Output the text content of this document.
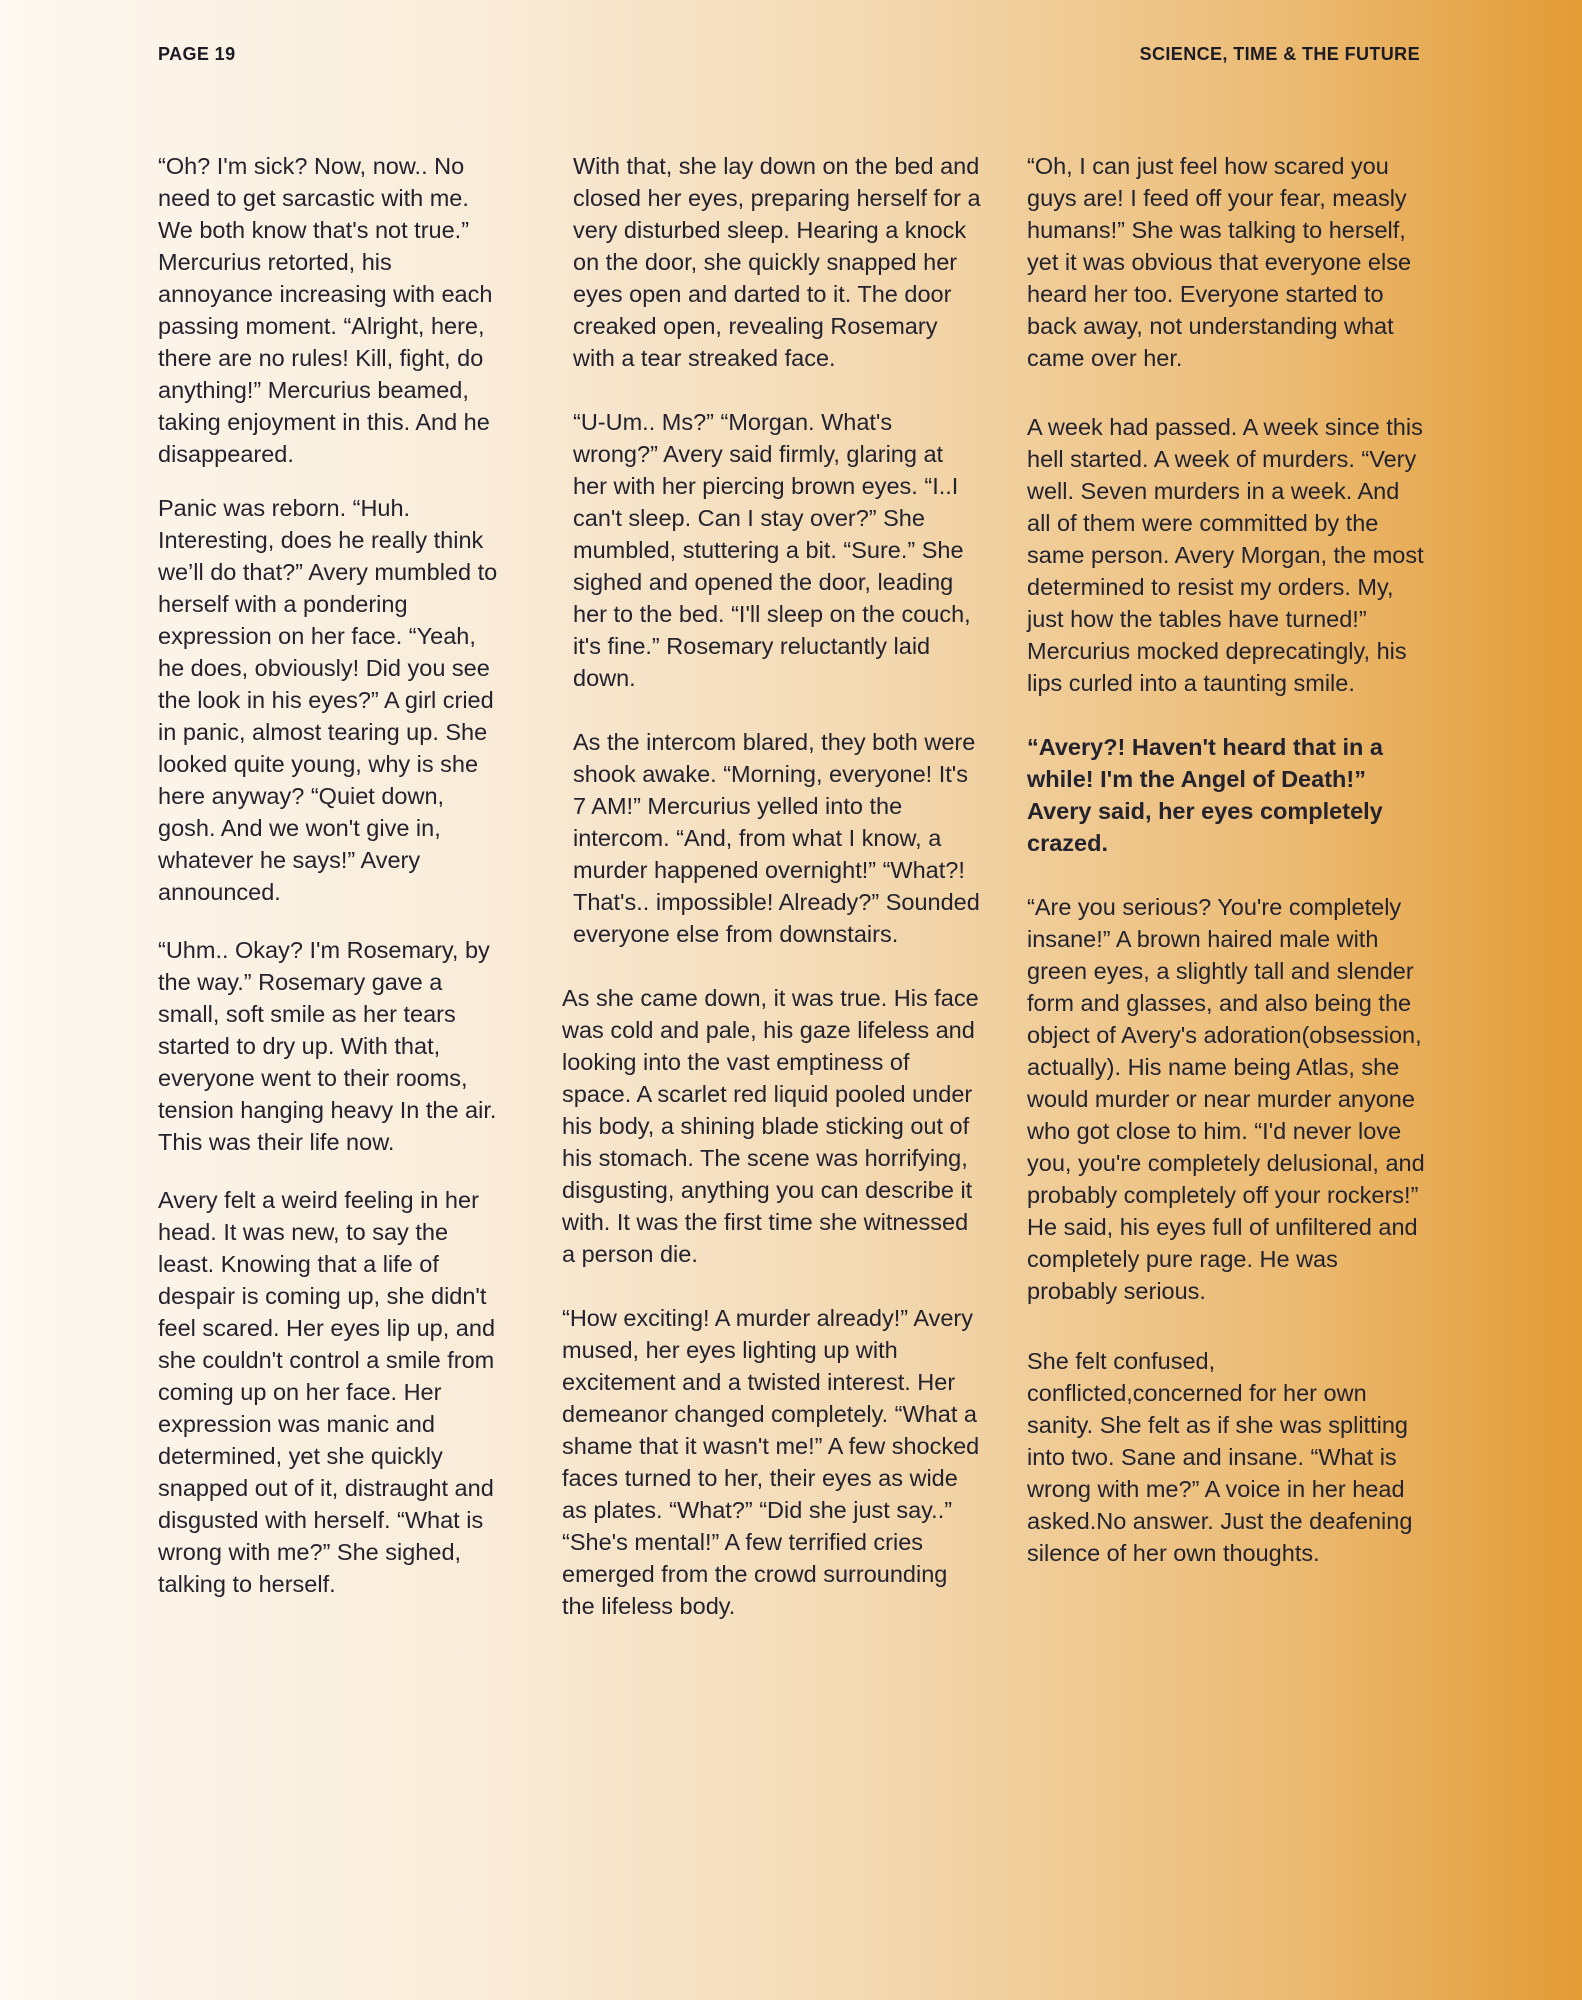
PAGE 19	SCIENCE, TIME & THE FUTURE

“Oh? I'm sick? Now, now.. No need to get sarcastic with me. We both know that's not true.” Mercurius retorted, his annoyance increasing with each passing moment. “Alright, here, there are no rules! Kill, fight, do anything!” Mercurius beamed, taking enjoyment in this. And he disappeared.

Panic was reborn. “Huh. Interesting, does he really think we’ll do that?” Avery mumbled to herself with a pondering expression on her face. “Yeah, he does, obviously! Did you see the look in his eyes?” A girl cried in panic, almost tearing up. She looked quite young, why is she here anyway? “Quiet down, gosh. And we won't give in, whatever he says!” Avery announced.

“Uhm.. Okay? I'm Rosemary, by the way.” Rosemary gave a small, soft smile as her tears started to dry up. With that, everyone went to their rooms, tension hanging heavy In the air. This was their life now.

Avery felt a weird feeling in her head. It was new, to say the least. Knowing that a life of despair is coming up, she didn't feel scared. Her eyes lip up, and she couldn't control a smile from coming up on her face. Her expression was manic and determined, yet she quickly snapped out of it, distraught and disgusted with herself. “What is wrong with me?” She sighed, talking to herself.

With that, she lay down on the bed and closed her eyes, preparing herself for a very disturbed sleep. Hearing a knock on the door, she quickly snapped her eyes open and darted to it. The door creaked open, revealing Rosemary with a tear streaked face.

“U-Um.. Ms?” “Morgan. What's wrong?” Avery said firmly, glaring at her with her piercing brown eyes. “I..I can't sleep. Can I stay over?” She mumbled, stuttering a bit. “Sure.” She sighed and opened the door, leading her to the bed. “I'll sleep on the couch, it's fine.” Rosemary reluctantly laid down.

As the intercom blared, they both were shook awake. “Morning, everyone! It's 7 AM!” Mercurius yelled into the intercom. “And, from what I know, a murder happened overnight!” “What?! That's.. impossible! Already?” Sounded everyone else from downstairs.

As she came down, it was true. His face was cold and pale, his gaze lifeless and looking into the vast emptiness of space. A scarlet red liquid pooled under his body, a shining blade sticking out of his stomach. The scene was horrifying, disgusting, anything you can describe it with. It was the first time she witnessed a person die.

“How exciting! A murder already!” Avery mused, her eyes lighting up with excitement and a twisted interest. Her demeanor changed completely. “What a shame that it wasn't me!” A few shocked faces turned to her, their eyes as wide as plates. “What?” “Did she just say..” “She's mental!” A few terrified cries emerged from the crowd surrounding the lifeless body.

“Oh, I can just feel how scared you guys are! I feed off your fear, measly humans!” She was talking to herself, yet it was obvious that everyone else heard her too. Everyone started to back away, not understanding what came over her.

A week had passed. A week since this hell started. A week of murders. “Very well. Seven murders in a week. And all of them were committed by the same person. Avery Morgan, the most determined to resist my orders. My, just how the tables have turned!” Mercurius mocked deprecatingly, his lips curled into a taunting smile.

“Avery?! Haven't heard that in a while! I'm the Angel of Death!” Avery said, her eyes completely crazed.

“Are you serious? You're completely insane!” A brown haired male with green eyes, a slightly tall and slender form and glasses, and also being the object of Avery's adoration(obsession, actually). His name being Atlas, she would murder or near murder anyone who got close to him. “I'd never love you, you're completely delusional, and probably completely off your rockers!” He said, his eyes full of unfiltered and completely pure rage. He was probably serious.

She felt confused, conflicted,concerned for her own sanity. She felt as if she was splitting into two. Sane and insane. “What is wrong with me?” A voice in her head asked.No answer. Just the deafening silence of her own thoughts.
